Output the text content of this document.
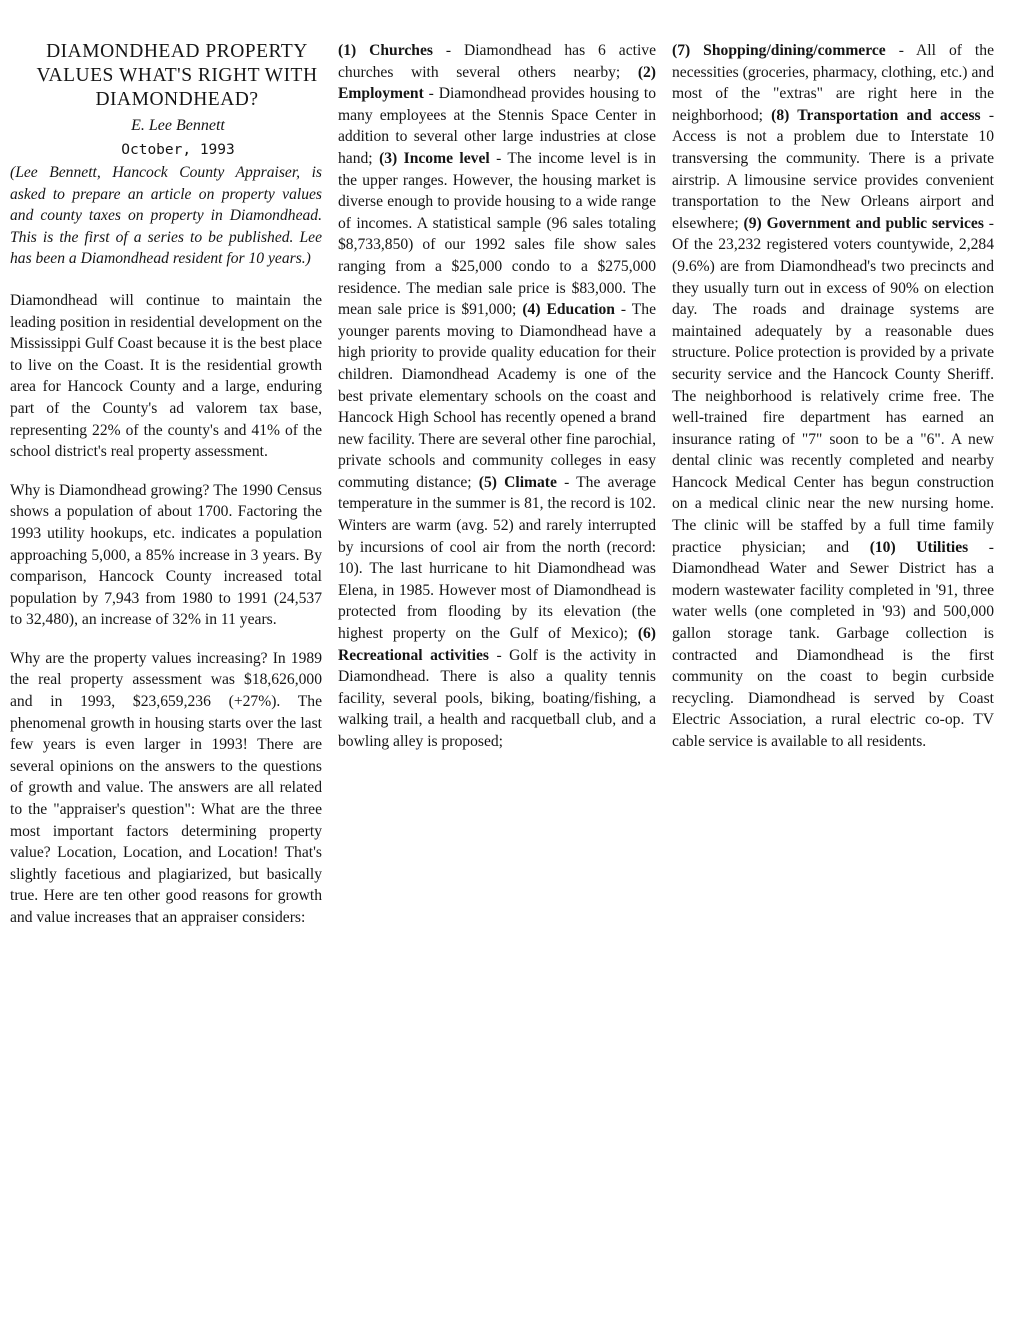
DIAMONDHEAD PROPERTY VALUES WHAT'S RIGHT WITH DIAMONDHEAD?
E. Lee Bennett
October, 1993

(Lee Bennett, Hancock County Appraiser, is asked to prepare an article on property values and county taxes on property in Diamondhead. This is the first of a series to be published. Lee has been a Diamondhead resident for 10 years.)

Diamondhead will continue to maintain the leading position in residential development on the Mississippi Gulf Coast because it is the best place to live on the Coast. It is the residential growth area for Hancock County and a large, enduring part of the County's ad valorem tax base, representing 22% of the county's and 41% of the school district's real property assessment.

Why is Diamondhead growing? The 1990 Census shows a population of about 1700. Factoring the 1993 utility hookups, etc. indicates a population approaching 5,000, a 85% increase in 3 years. By comparison, Hancock County increased total population by 7,943 from 1980 to 1991 (24,537 to 32,480), an increase of 32% in 11 years.

Why are the property values increasing? In 1989 the real property assessment was $18,626,000 and in 1993, $23,659,236 (+27%). The phenomenal growth in housing starts over the last few years is even larger in 1993! There are several opinions on the answers to the questions of growth and value. The answers are all related to the "appraiser's question": What are the three most important factors determining property value? Location, Location, and Location! That's slightly facetious and plagiarized, but basically true. Here are ten other good reasons for growth and value increases that an appraiser considers:

(1) Churches - Diamondhead has 6 active churches with several others nearby; (2) Employment - Diamondhead provides housing to many employees at the Stennis Space Center in addition to several other large industries at close hand; (3) Income level - The income level is in the upper ranges. However, the housing market is diverse enough to provide housing to a wide range of incomes. A statistical sample (96 sales totaling $8,733,850) of our 1992 sales file show sales ranging from a $25,000 condo to a $275,000 residence. The median sale price is $83,000. The mean sale price is $91,000; (4) Education - The younger parents moving to Diamondhead have a high priority to provide quality education for their children. Diamondhead Academy is one of the best private elementary schools on the coast and Hancock High School has recently opened a brand new facility. There are several other fine parochial, private schools and community colleges in easy commuting distance; (5) Climate - The average temperature in the summer is 81, the record is 102. Winters are warm (avg. 52) and rarely interrupted by incursions of cool air from the north (record: 10). The last hurricane to hit Diamondhead was Elena, in 1985. However most of Diamondhead is protected from flooding by its elevation (the highest property on the Gulf of Mexico); (6) Recreational activities - Golf is the activity in Diamondhead. There is also a quality tennis facility, several pools, biking, boating/fishing, a walking trail, a health and racquetball club, and a bowling alley is proposed;

(7) Shopping/dining/commerce - All of the necessities (groceries, pharmacy, clothing, etc.) and most of the "extras" are right here in the neighborhood; (8) Transportation and access - Access is not a problem due to Interstate 10 transversing the community. There is a private airstrip. A limousine service provides convenient transportation to the New Orleans airport and elsewhere; (9) Government and public services - Of the 23,232 registered voters countywide, 2,284 (9.6%) are from Diamondhead's two precincts and they usually turn out in excess of 90% on election day. The roads and drainage systems are maintained adequately by a reasonable dues structure. Police protection is provided by a private security service and the Hancock County Sheriff. The neighborhood is relatively crime free. The well-trained fire department has earned an insurance rating of "7" soon to be a "6". A new dental clinic was recently completed and nearby Hancock Medical Center has begun construction on a medical clinic near the new nursing home. The clinic will be staffed by a full time family practice physician; and (10) Utilities - Diamondhead Water and Sewer District has a modern wastewater facility completed in '91, three water wells (one completed in '93) and 500,000 gallon storage tank. Garbage collection is contracted and Diamondhead is the first community on the coast to begin curbside recycling. Diamondhead is served by Coast Electric Association, a rural electric co-op. TV cable service is available to all residents.
